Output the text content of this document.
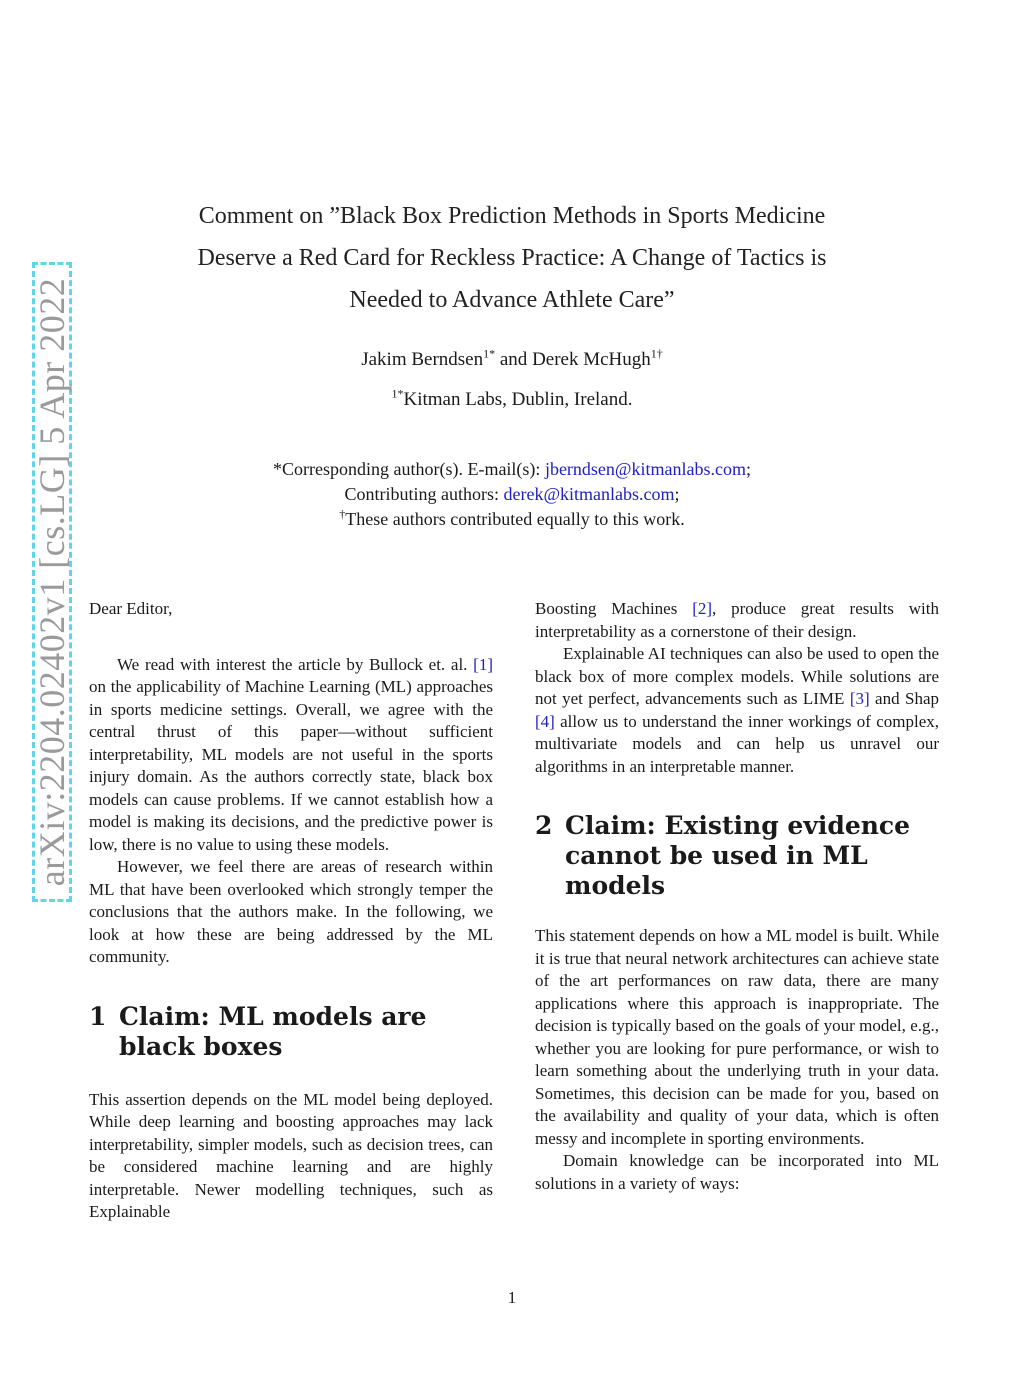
arXiv:2204.02402v1 [cs.LG] 5 Apr 2022
Comment on ”Black Box Prediction Methods in Sports Medicine
Deserve a Red Card for Reckless Practice: A Change of Tactics is
Needed to Advance Athlete Care”
Jakim Berndsen$^{1*}$ and Derek McHugh$^{1\dagger}$
$^{1*}$Kitman Labs, Dublin, Ireland.
*Corresponding author(s). E-mail(s): jberndsen@kitmanlabs.com;
Contributing authors: derek@kitmanlabs.com;
†These authors contributed equally to this work.

Dear Editor,

We read with interest the article by Bullock et. al. [1] on the applicability of Machine Learning (ML) approaches in sports medicine settings. Overall, we agree with the central thrust of this paper—without sufficient interpretability, ML models are not useful in the sports injury domain. As the authors correctly state, black box models can cause problems. If we cannot establish how a model is making its decisions, and the predictive power is low, there is no value to using these models.

However, we feel there are areas of research within ML that have been overlooked which strongly temper the conclusions that the authors make. In the following, we look at how these are being addressed by the ML community.

1 Claim: ML models are black boxes

This assertion depends on the ML model being deployed. While deep learning and boosting approaches may lack interpretability, simpler models, such as decision trees, can be considered machine learning and are highly interpretable. Newer modelling techniques, such as Explainable

Boosting Machines [2], produce great results with interpretability as a cornerstone of their design.

Explainable AI techniques can also be used to open the black box of more complex models. While solutions are not yet perfect, advancements such as LIME [3] and Shap [4] allow us to understand the inner workings of complex, multivariate models and can help us unravel our algorithms in an interpretable manner.

2 Claim: Existing evidence cannot be used in ML models

This statement depends on how a ML model is built. While it is true that neural network architectures can achieve state of the art performances on raw data, there are many applications where this approach is inappropriate. The decision is typically based on the goals of your model, e.g., whether you are looking for pure performance, or wish to learn something about the underlying truth in your data. Sometimes, this decision can be made for you, based on the availability and quality of your data, which is often messy and incomplete in sporting environments.

Domain knowledge can be incorporated into ML solutions in a variety of ways:

1
